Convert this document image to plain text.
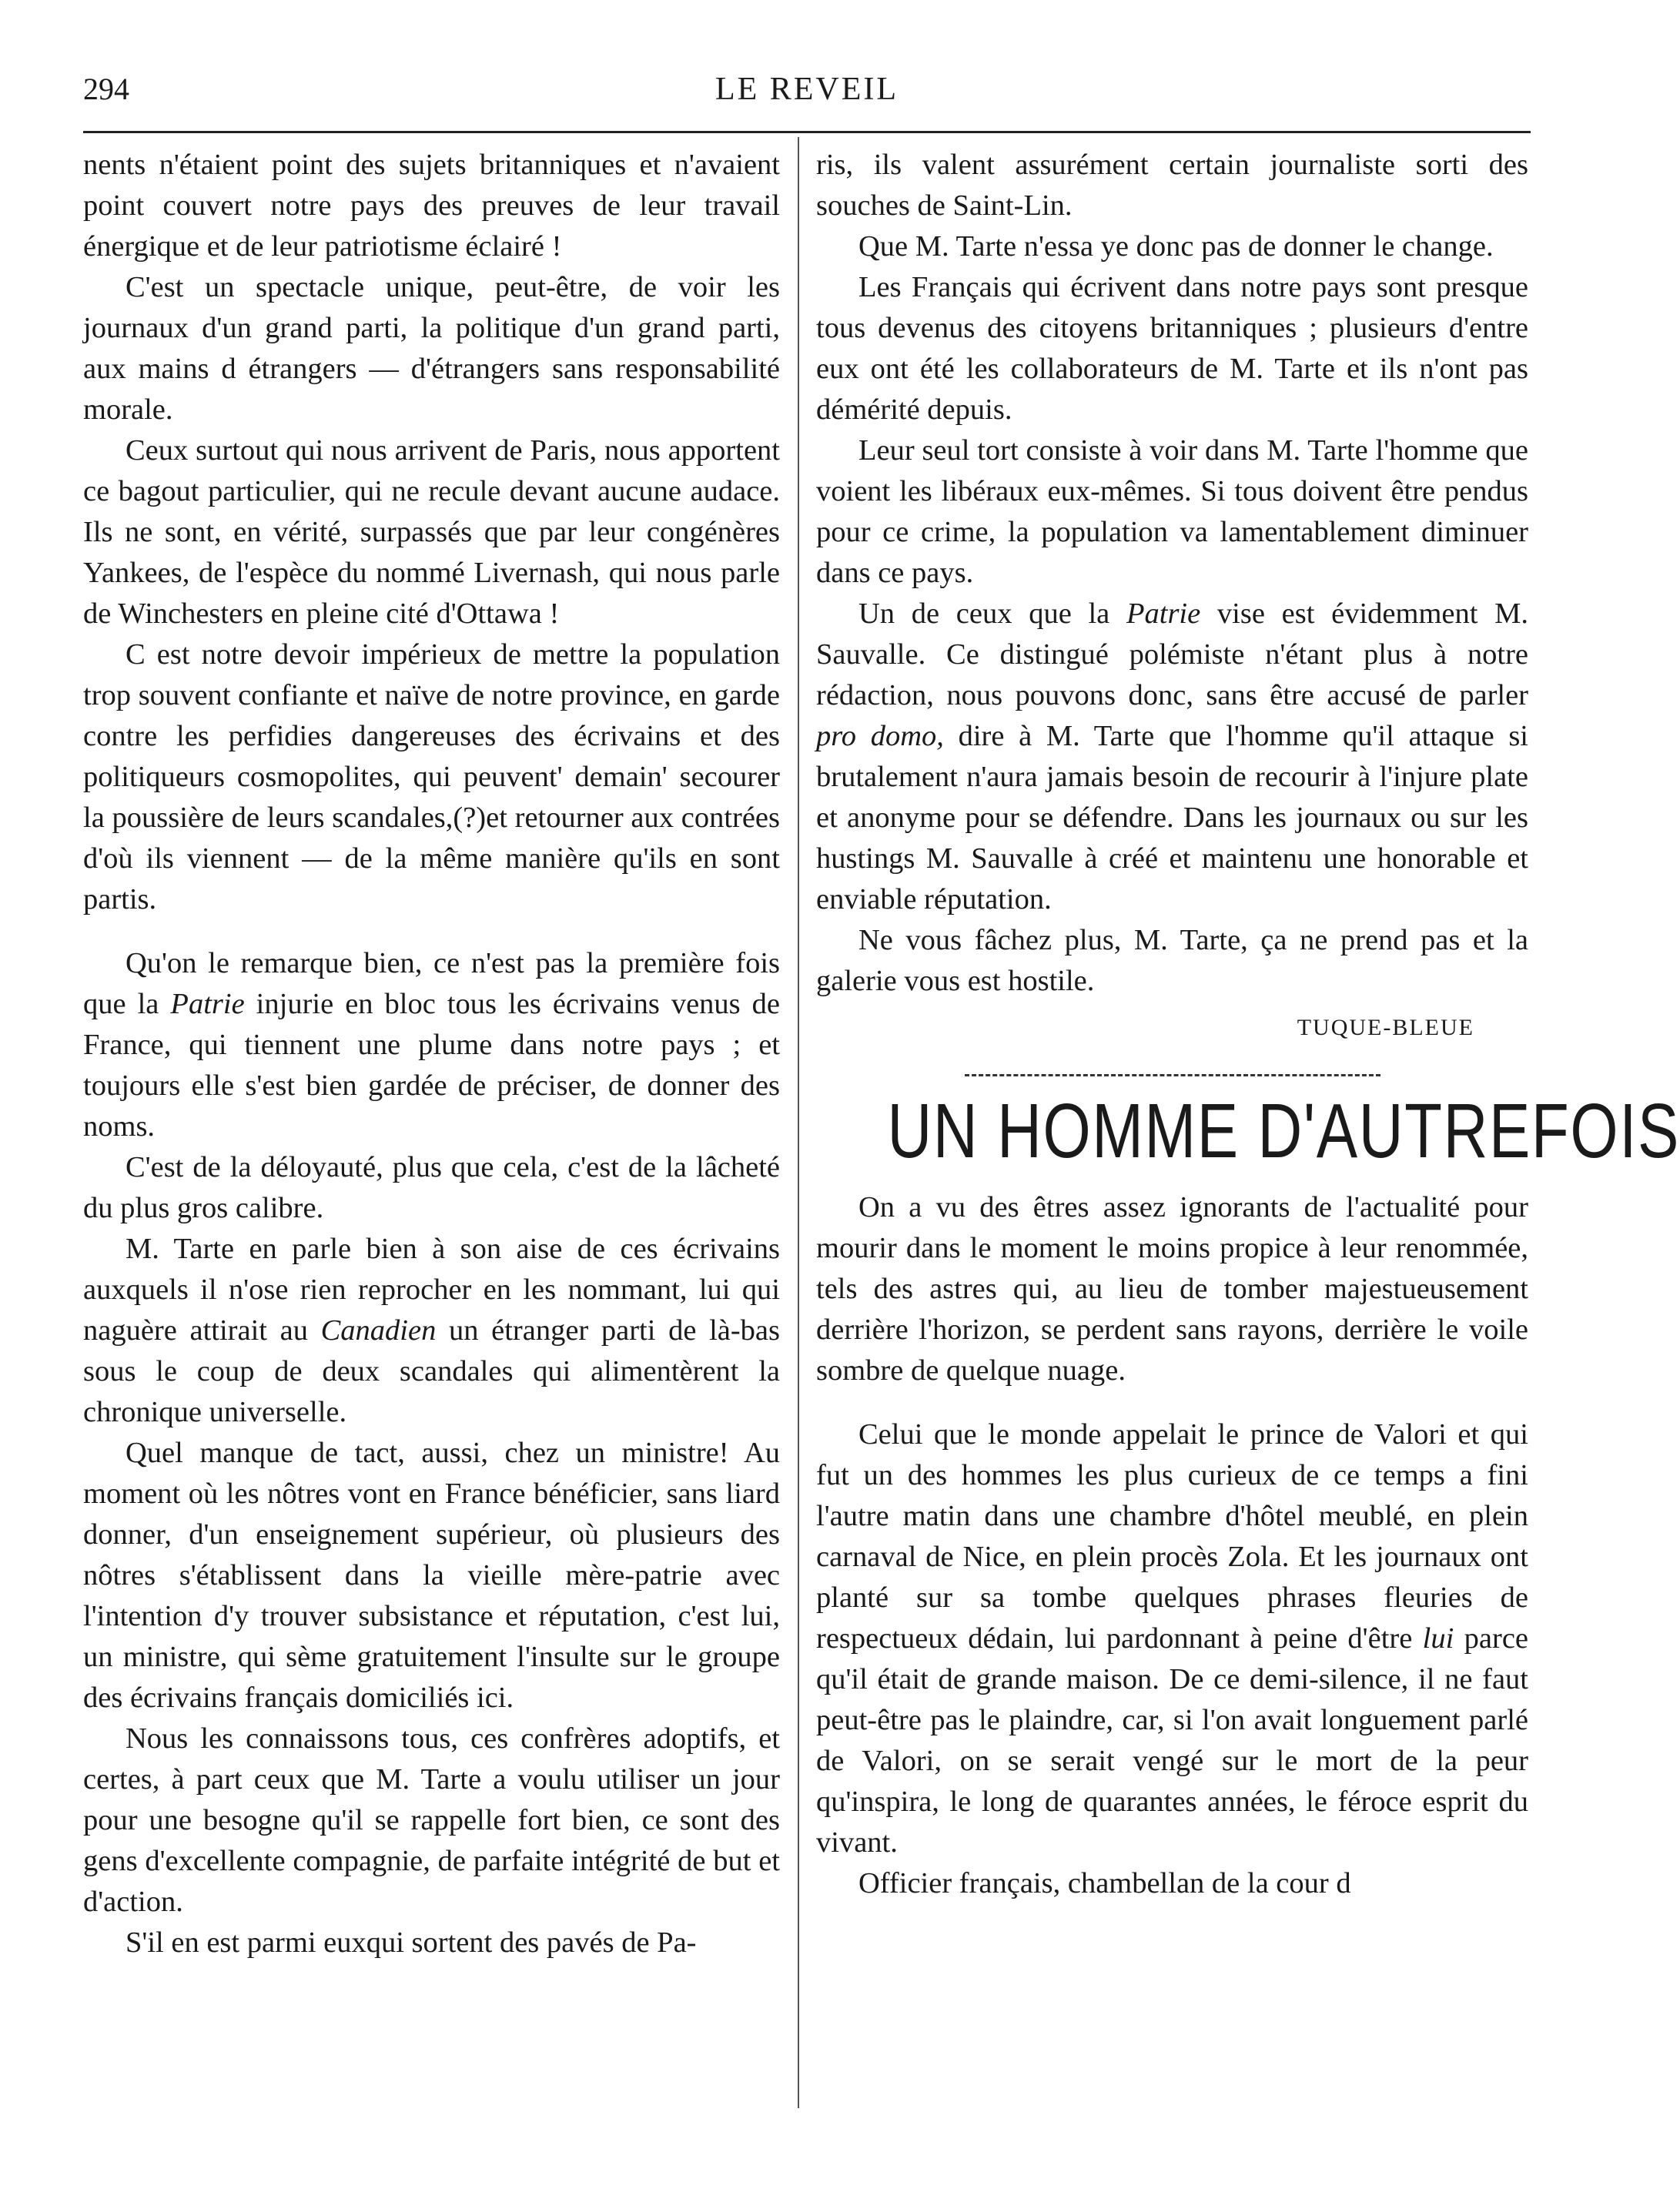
294	LE REVEIL

nents n'étaient point des sujets britanniques et n'avaient point couvert notre pays des preuves de leur travail énergique et de leur patriotisme éclairé !

C'est un spectacle unique, peut-être, de voir les journaux d'un grand parti, la politique d'un grand parti, aux mains d étrangers — d'étrangers sans responsabilité morale.

Ceux surtout qui nous arrivent de Paris, nous apportent ce bagout particulier, qui ne recule devant aucune audace. Ils ne sont, en vérité, surpassés que par leur congénères Yankees, de l'espèce du nommé Livernash, qui nous parle de Winchesters en pleine cité d'Ottawa !

C est notre devoir impérieux de mettre la population trop souvent confiante et naïve de notre province, en garde contre les perfidies dangereuses des écrivains et des politiqueurs cosmopolites, qui peuvent' demain' secourer la poussière de leurs scandales,(?)et retourner aux contrées d'où ils viennent — de la même manière qu'ils en sont partis.

Qu'on le remarque bien, ce n'est pas la première fois que la Patrie injurie en bloc tous les écrivains venus de France, qui tiennent une plume dans notre pays ; et toujours elle s'est bien gardée de préciser, de donner des noms.

C'est de la déloyauté, plus que cela, c'est de la lâcheté du plus gros calibre.

M. Tarte en parle bien à son aise de ces écrivains auxquels il n'ose rien reprocher en les nommant, lui qui naguère attirait au Canadien un étranger parti de là-bas sous le coup de deux scandales qui alimentèrent la chronique universelle.

Quel manque de tact, aussi, chez un ministre! Au moment où les nôtres vont en France bénéficier, sans liard donner, d'un enseignement supérieur, où plusieurs des nôtres s'établissent dans la vieille mère-patrie avec l'intention d'y trouver subsistance et réputation, c'est lui, un ministre, qui sème gratuitement l'insulte sur le groupe des écrivains français domiciliés ici.

Nous les connaissons tous, ces confrères adoptifs, et certes, à part ceux que M. Tarte a voulu utiliser un jour pour une besogne qu'il se rappelle fort bien, ce sont des gens d'excellente compagnie, de parfaite intégrité de but et d'action.

S'il en est parmi euxqui sortent des pavés de Pa-

ris, ils valent assurément certain journaliste sorti des souches de Saint-Lin.

Que M. Tarte n'essa ye donc pas de donner le change.

Les Français qui écrivent dans notre pays sont presque tous devenus des citoyens britanniques ; plusieurs d'entre eux ont été les collaborateurs de M. Tarte et ils n'ont pas démérité depuis.

Leur seul tort consiste à voir dans M. Tarte l'homme que voient les libéraux eux-mêmes. Si tous doivent être pendus pour ce crime, la population va lamentablement diminuer dans ce pays.

Un de ceux que la Patrie vise est évidemment M. Sauvalle. Ce distingué polémiste n'étant plus à notre rédaction, nous pouvons donc, sans être accusé de parler pro domo, dire à M. Tarte que l'homme qu'il attaque si brutalement n'aura jamais besoin de recourir à l'injure plate et anonyme pour se défendre. Dans les journaux ou sur les hustings M. Sauvalle à créé et maintenu une honorable et enviable réputation.

Ne vous fâchez plus, M. Tarte, ça ne prend pas et la galerie vous est hostile.

TUQUE-BLEUE
UN HOMME D'AUTREFOIS

On a vu des êtres assez ignorants de l'actualité pour mourir dans le moment le moins propice à leur renommée, tels des astres qui, au lieu de tomber majestueusement derrière l'horizon, se perdent sans rayons, derrière le voile sombre de quelque nuage.

Celui que le monde appelait le prince de Valori et qui fut un des hommes les plus curieux de ce temps a fini l'autre matin dans une chambre d'hôtel meublé, en plein carnaval de Nice, en plein procès Zola. Et les journaux ont planté sur sa tombe quelques phrases fleuries de respectueux dédain, lui pardonnant à peine d'être lui parce qu'il était de grande maison. De ce demi-silence, il ne faut peut-être pas le plaindre, car, si l'on avait longuement parlé de Valori, on se serait vengé sur le mort de la peur qu'inspira, le long de quarantes années, le féroce esprit du vivant.

Officier français, chambellan de la cour d
